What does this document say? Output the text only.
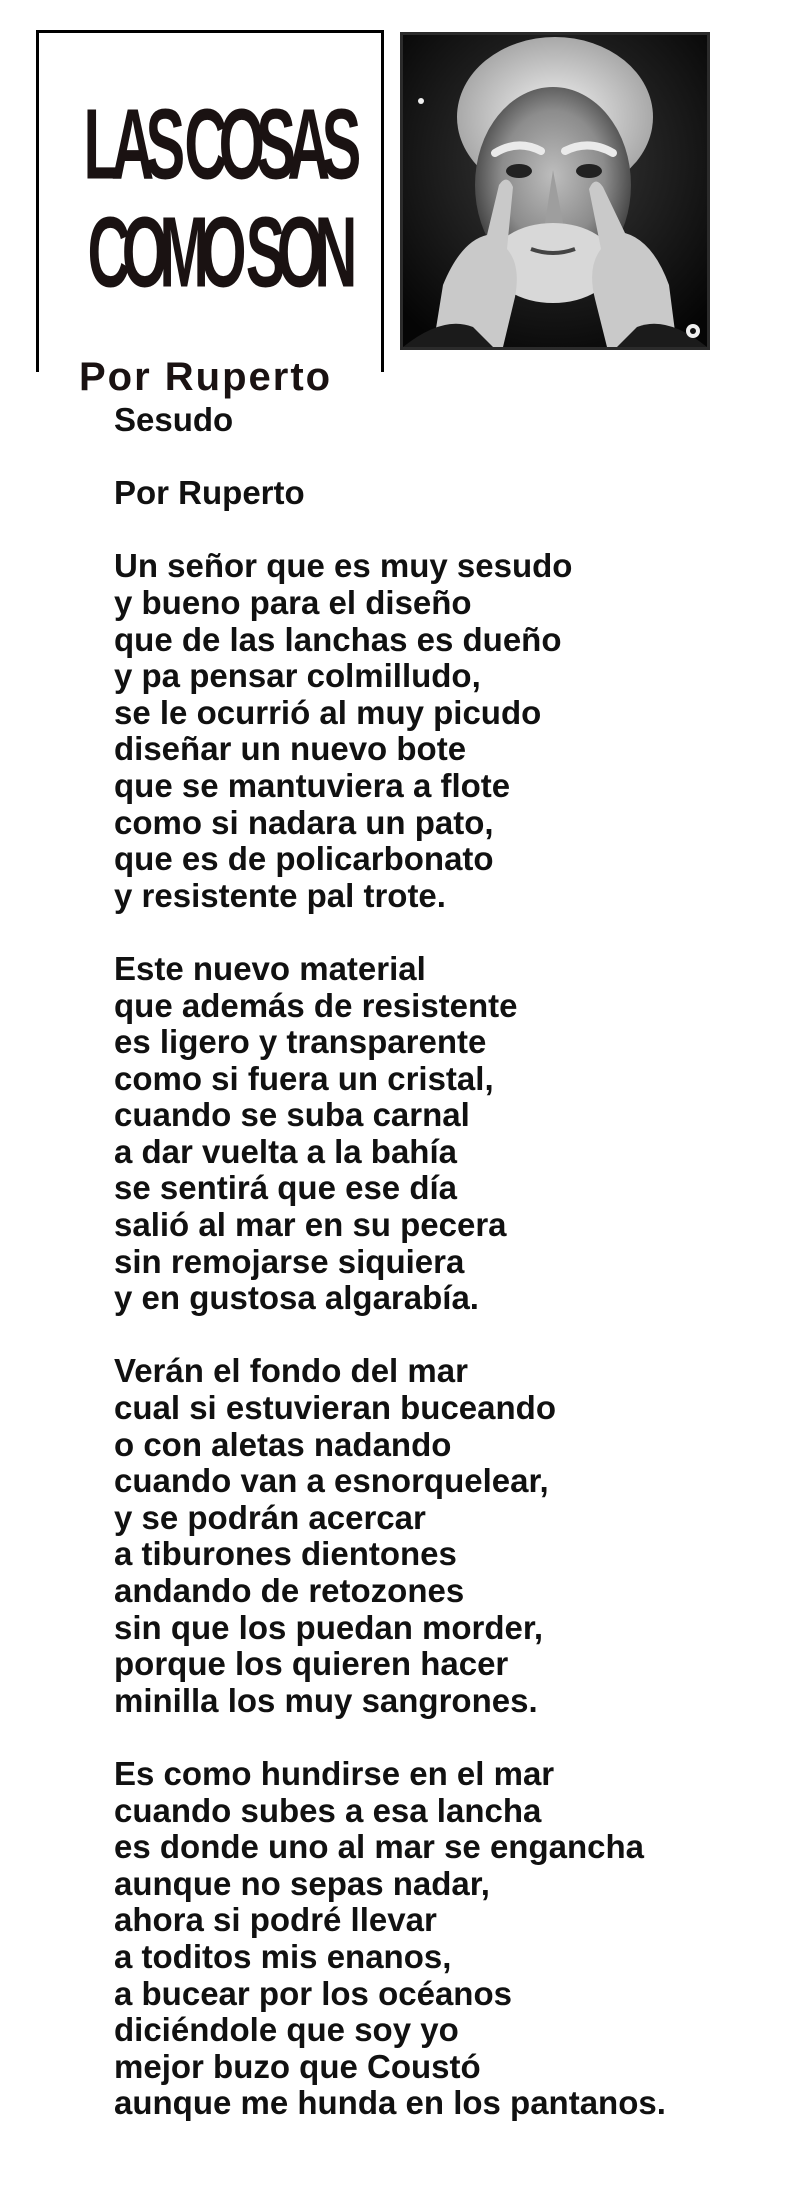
LAS COSAS
COMO SON
Por Ruperto
Sesudo
Por Ruperto
Un señor que es muy sesudo
y bueno para el diseño
que de las lanchas es dueño
y pa pensar colmilludo,
se le ocurrió al muy picudo
diseñar un nuevo bote
que se mantuviera a flote
como si nadara un pato,
que es de policarbonato
y resistente pal trote.
Este nuevo material
que además de resistente
es ligero y transparente
como si fuera un cristal,
cuando se suba carnal
a dar vuelta a la bahía
se sentirá que ese día
salió al mar en su pecera
sin remojarse siquiera
y en gustosa algarabía.
Verán el fondo del mar
cual si estuvieran buceando
o con aletas nadando
cuando van a esnorquelear,
y se podrán acercar
a tiburones dientones
andando de retozones
sin que los puedan morder,
porque los quieren hacer
minilla los muy sangrones.
Es como hundirse en el mar
cuando subes a esa lancha
es donde uno al mar se engancha
aunque no sepas nadar,
ahora si podré llevar
a toditos mis enanos,
a bucear por los océanos
diciéndole que soy yo
mejor buzo que Coustó
aunque me hunda en los pantanos.
